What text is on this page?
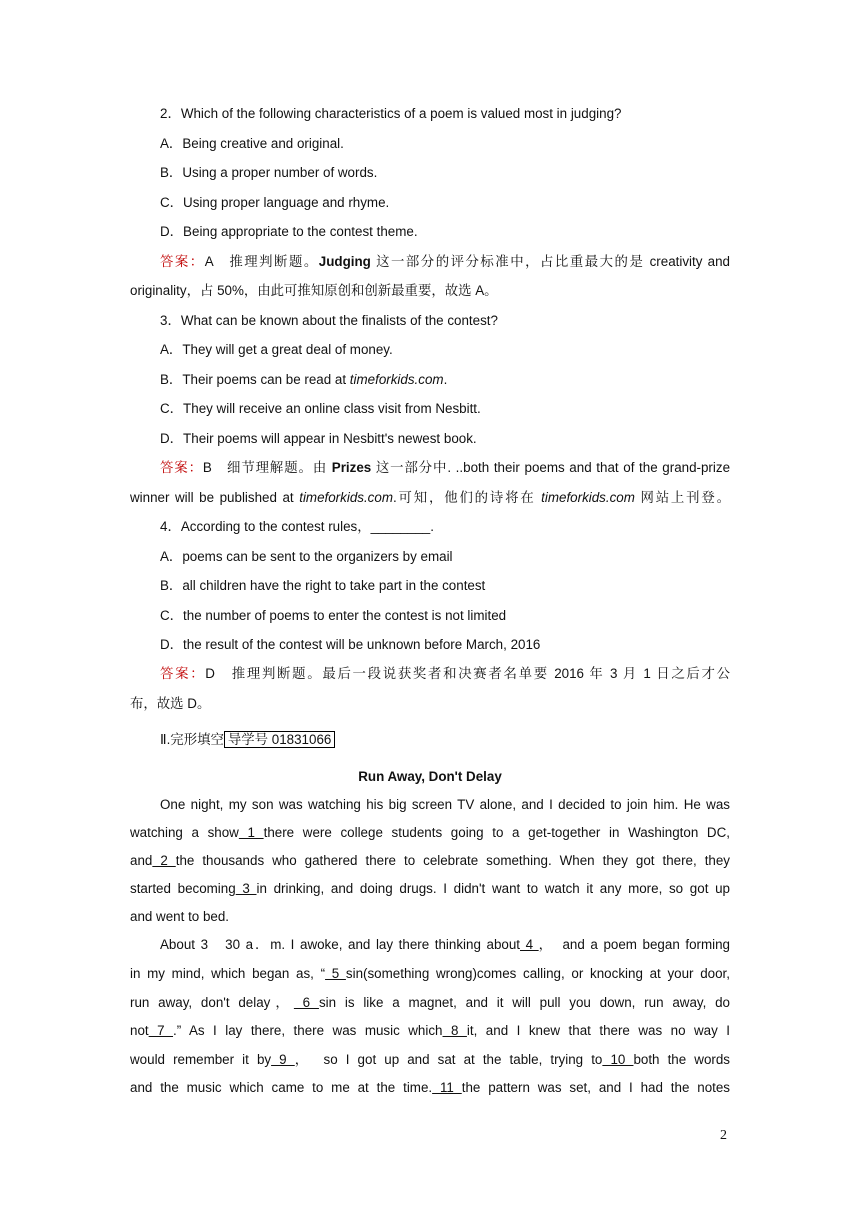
2．Which of the following characteristics of a poem is valued most in judging?
A．Being creative and original.
B．Using a proper number of words.
C．Using proper language and rhyme.
D．Being appropriate to the contest theme.
答案：A　推理判断题。Judging 这一部分的评分标准中，占比重最大的是 creativity and
originality，占 50%，由此可推知原创和创新最重要，故选 A。
3．What can be known about the finalists of the contest?
A．They will get a great deal of money.
B．Their poems can be read at timeforkids.com.
C．They will receive an online class visit from Nesbitt.
D．Their poems will appear in Nesbitt's newest book.
答案：B　细节理解题。由 Prizes 这一部分中. ..both their poems and that of the grand-prize
winner will be published at timeforkids.com.可知，他们的诗将在 timeforkids.com 网站上刊登。
4．According to the contest rules，________.
A．poems can be sent to the organizers by email
B．all children have the right to take part in the contest
C．the number of poems to enter the contest is not limited
D．the result of the contest will be unknown before March, 2016
答案：D　推理判断题。最后一段说获奖者和决赛者名单要 2016 年 3 月 1 日之后才公
布，故选 D。
Ⅱ.完形填空 导学号 01831066
Run Away, Don't Delay
One night, my son was watching his big screen TV alone, and I decided to join him. He was
watching a show 1 there were college students going to a get-together in Washington DC,
and 2 the thousands who gathered there to celebrate something. When they got there, they
started becoming 3 in drinking, and doing drugs. I didn't want to watch it any more, so got up
and went to bed.
About 3　30 a．m. I awoke, and lay there thinking about 4 ，　and a poem began forming
in my mind, which began as, “ 5 sin(something wrong)comes calling, or knocking at your door,
run away, don't delay， 6 sin is like a magnet, and it will pull you down, run away, do
not 7 .” As I lay there, there was music which 8 it, and I knew that there was no way I
would remember it by 9 ，　so I got up and sat at the table, trying to 10 both the words
and the music which came to me at the time. 11 the pattern was set, and I had the notes
2
